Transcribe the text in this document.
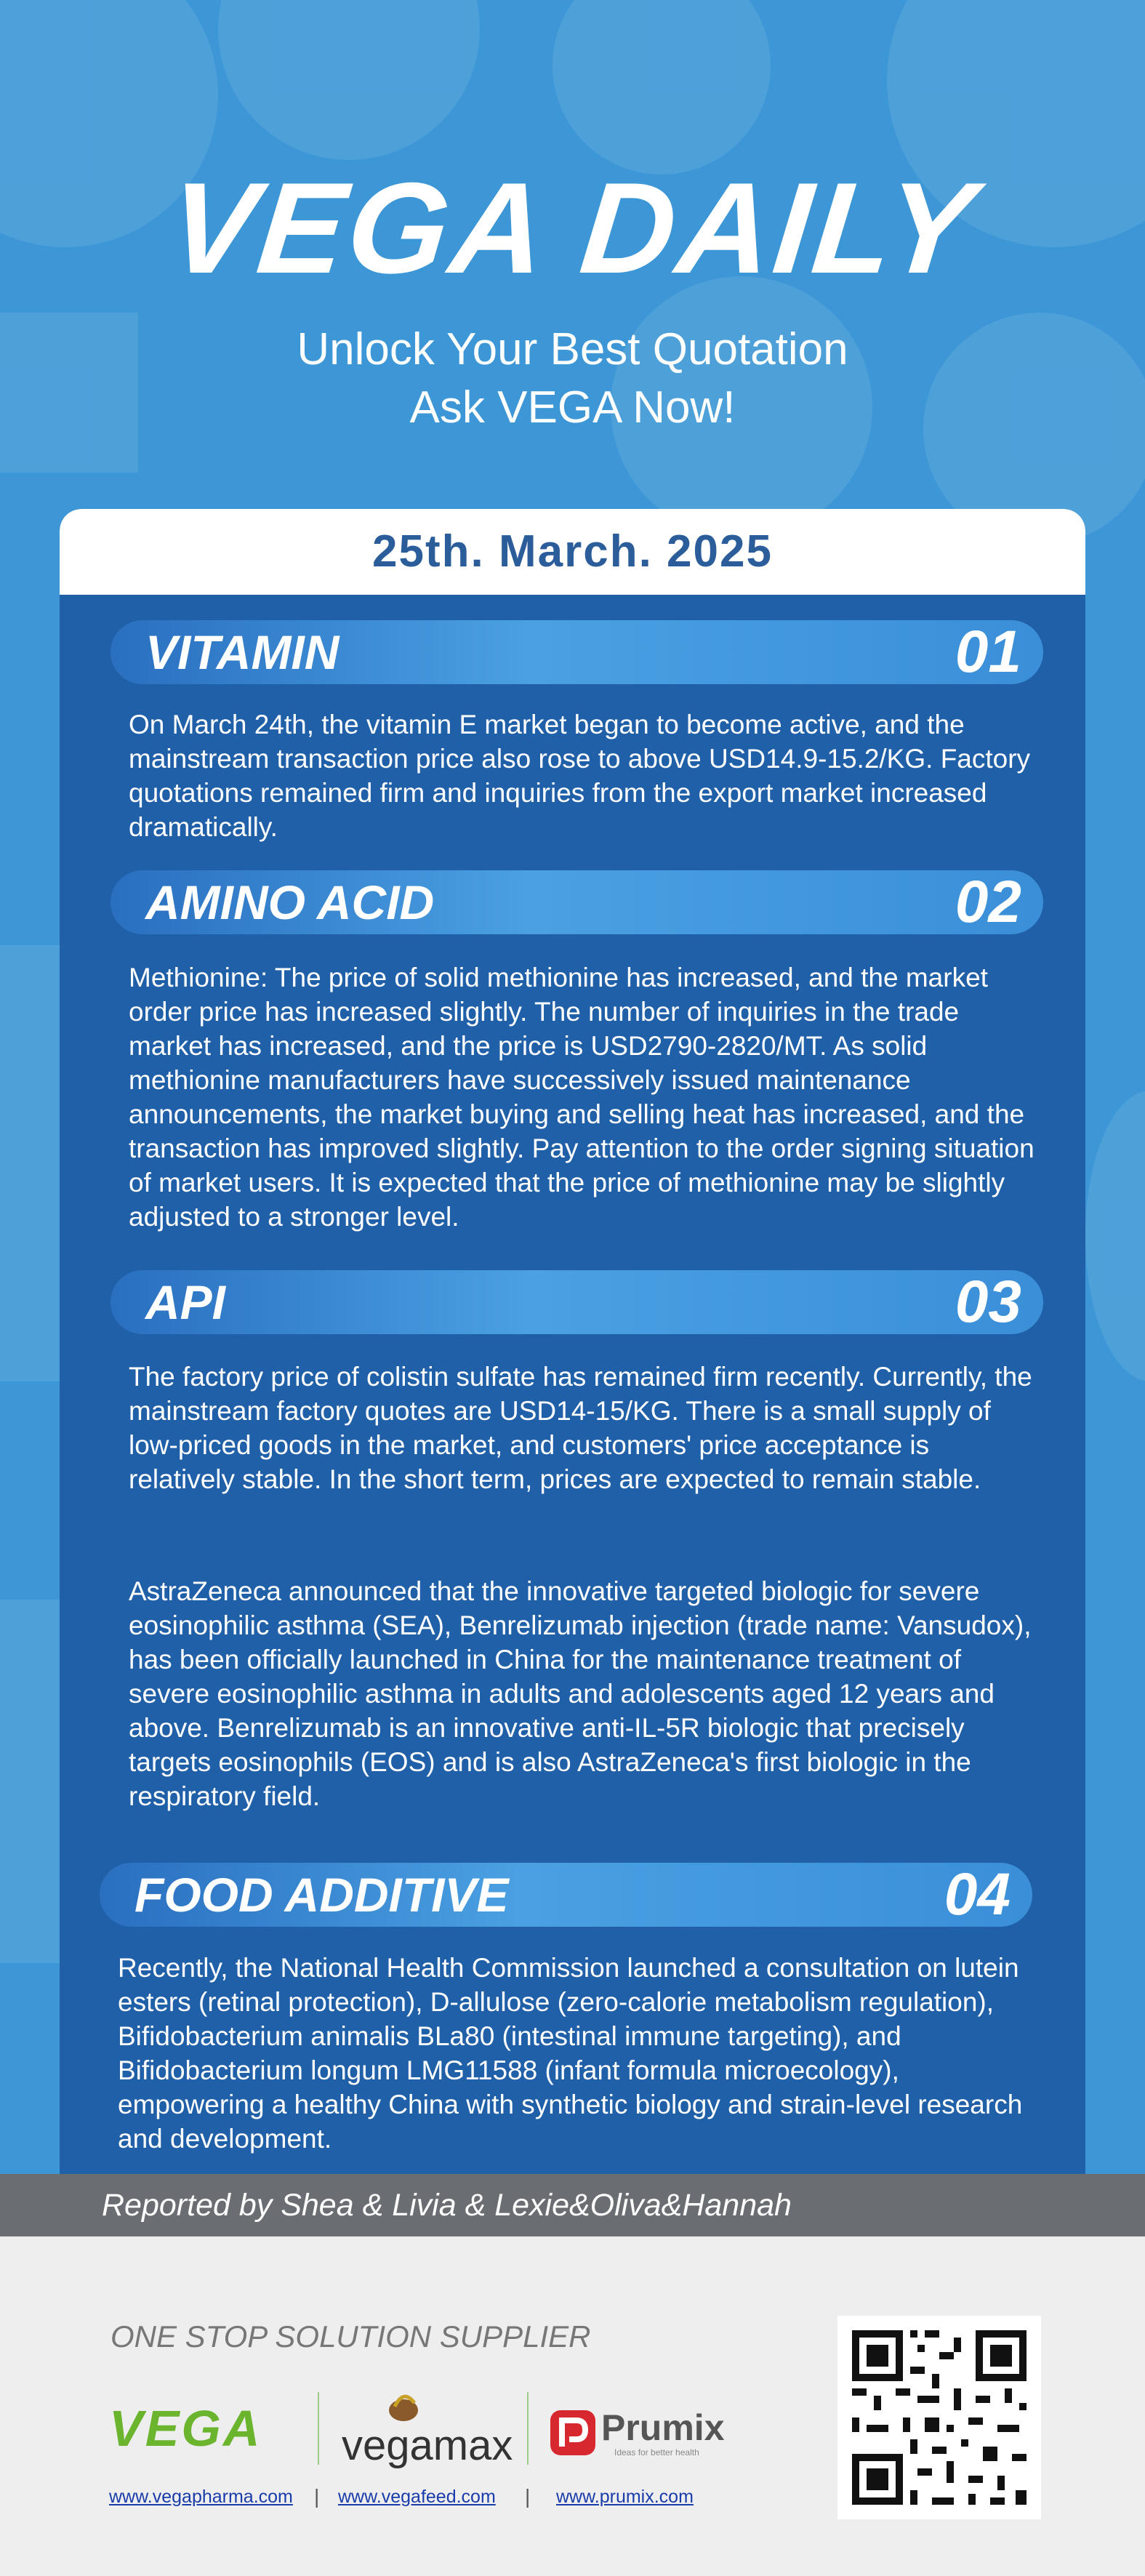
VEGA DAILY
Unlock Your Best Quotation
Ask VEGA Now!
25th. March. 2025
VITAMIN	01
On March 24th, the vitamin E market began to become active, and the mainstream transaction price also rose to above USD14.9-15.2/KG. Factory quotations remained firm and inquiries from the export market increased dramatically.
AMINO ACID	02
Methionine: The price of solid methionine has increased, and the market order price has increased slightly. The number of inquiries in the trade market has increased, and the price is USD2790-2820/MT. As solid methionine manufacturers have successively issued maintenance announcements, the market buying and selling heat has increased, and the transaction has improved slightly. Pay attention to the order signing situation of market users. It is expected that the price of methionine may be slightly adjusted to a stronger level.
API	03
The factory price of colistin sulfate has remained firm recently. Currently, the mainstream factory quotes are USD14-15/KG. There is a small supply of low-priced goods in the market, and customers' price acceptance is relatively stable. In the short term, prices are expected to remain stable.
AstraZeneca announced that the innovative targeted biologic for severe eosinophilic asthma (SEA), Benrelizumab injection (trade name: Vansudox), has been officially launched in China for the maintenance treatment of severe eosinophilic asthma in adults and adolescents aged 12 years and above. Benrelizumab is an innovative anti-IL-5R biologic that precisely targets eosinophils (EOS) and is also AstraZeneca's first biologic in the respiratory field.
FOOD ADDITIVE	04
Recently, the National Health Commission launched a consultation on lutein esters (retinal protection), D-allulose (zero-calorie metabolism regulation), Bifidobacterium animalis BLa80 (intestinal immune targeting), and Bifidobacterium longum LMG11588 (infant formula microecology), empowering a healthy China with synthetic biology and strain-level research and development.
Reported by Shea & Livia & Lexie&Oliva&Hannah
ONE STOP SOLUTION SUPPLIER
VEGA vegamax Prumix
Ideas for better health
www.vegapharma.com | www.vegafeed.com | www.prumix.com
